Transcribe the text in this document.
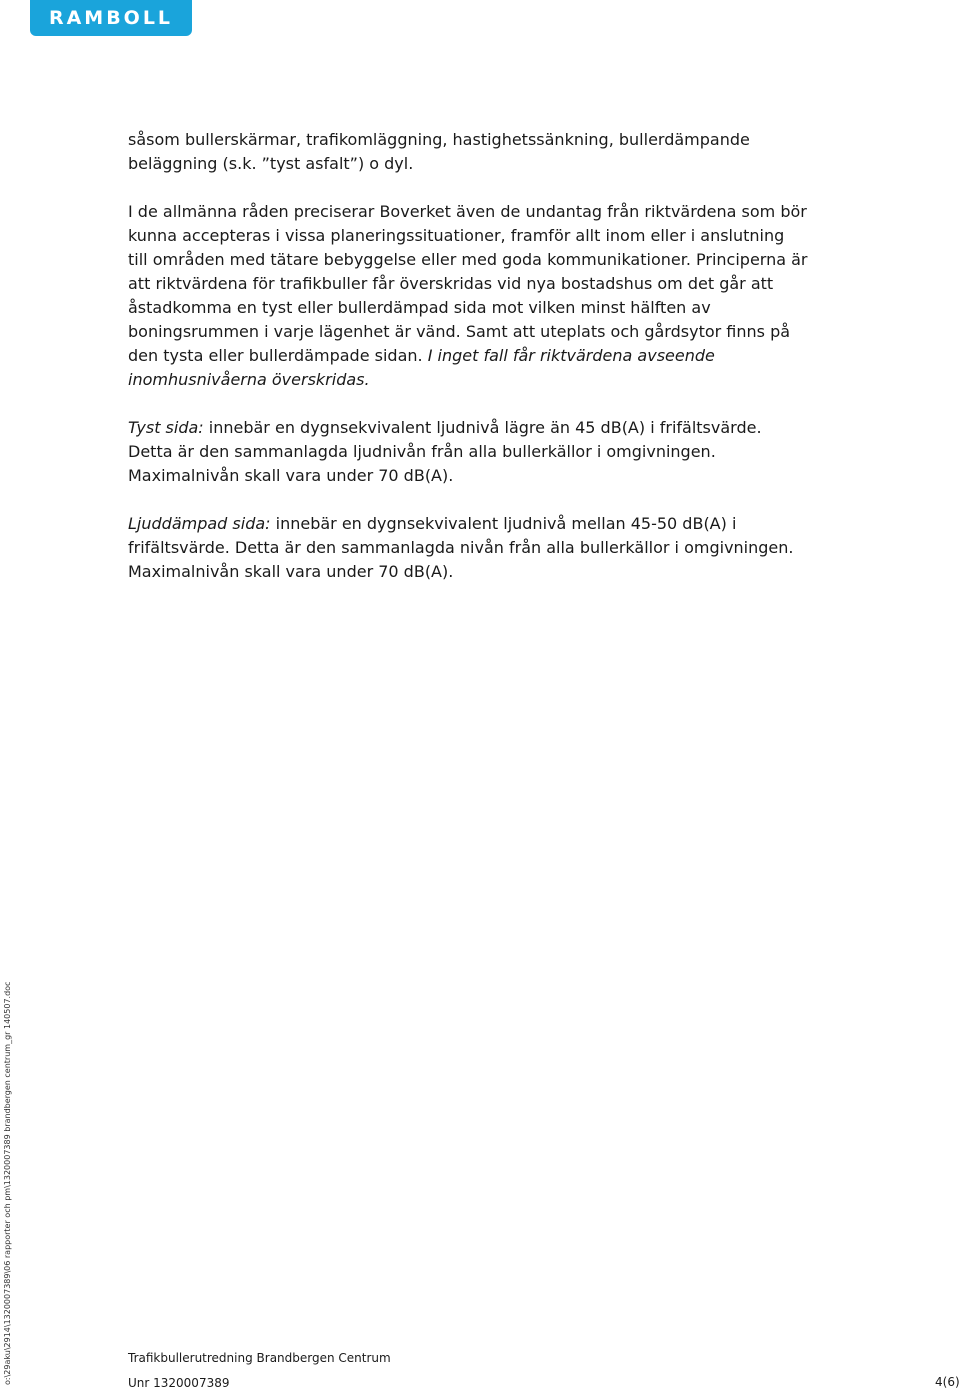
RAMBOLL

såsom bullerskärmar, trafikomläggning, hastighetssänkning, bullerdämpande beläggning (s.k. ”tyst asfalt”) o dyl.

I de allmänna råden preciserar Boverket även de undantag från riktvärdena som bör kunna accepteras i vissa planeringssituationer, framför allt inom eller i anslutning till områden med tätare bebyggelse eller med goda kommunikationer. Principerna är att riktvärdena för trafikbuller får överskridas vid nya bostadshus om det går att åstadkomma en tyst eller bullerdämpad sida mot vilken minst hälften av boningsrummen i varje lägenhet är vänd. Samt att uteplats och gårdsytor finns på den tysta eller bullerdämpade sidan. I inget fall får riktvärdena avseende inomhusnivåerna överskridas.

Tyst sida: innebär en dygnsekvivalent ljudnivå lägre än 45 dB(A) i frifältsvärde. Detta är den sammanlagda ljudnivån från alla bullerkällor i omgivningen. Maximalnivån skall vara under 70 dB(A).

Ljuddämpad sida: innebär en dygnsekvivalent ljudnivå mellan 45-50 dB(A) i frifältsvärde. Detta är den sammanlagda nivån från alla bullerkällor i omgivningen. Maximalnivån skall vara under 70 dB(A).

o:\29aku\2914\1320007389\06 rapporter och pm\1320007389 brandbergen centrum_gr 140507.doc	Trafikbullerutredning Brandbergen Centrum
Unr 1320007389	4(6)
